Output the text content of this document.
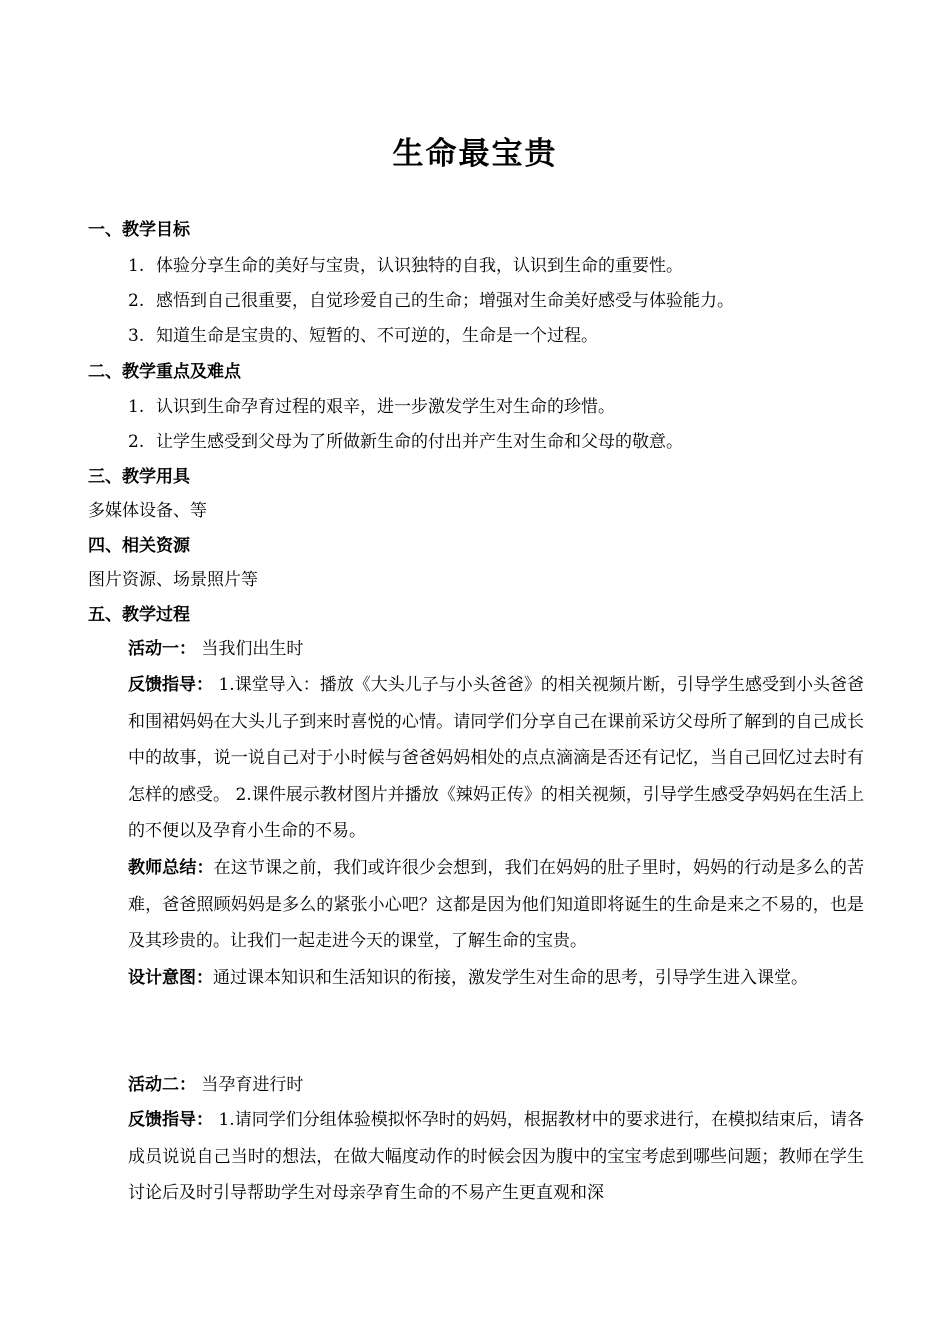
生命最宝贵
一、教学目标
1. 体验分享生命的美好与宝贵，认识独特的自我，认识到生命的重要性。
2. 感悟到自己很重要，自觉珍爱自己的生命；增强对生命美好感受与体验能力。
3. 知道生命是宝贵的、短暂的、不可逆的，生命是一个过程。
二、教学重点及难点
1. 认识到生命孕育过程的艰辛，进一步激发学生对生命的珍惜。
2. 让学生感受到父母为了所做新生命的付出并产生对生命和父母的敬意。
三、教学用具
多媒体设备、等
四、相关资源
图片资源、场景照片等
五、教学过程
活动一： 当我们出生时
反馈指导： 1.课堂导入：播放《大头儿子与小头爸爸》的相关视频片断，引导学生感受到小头爸爸和围裙妈妈在大头儿子到来时喜悦的心情。请同学们分享自己在课前采访父母所了解到的自己成长中的故事，说一说自己对于小时候与爸爸妈妈相处的点点滴滴是否还有记忆，当自己回忆过去时有怎样的感受。 2.课件展示教材图片并播放《辣妈正传》的相关视频，引导学生感受孕妈妈在生活上的不便以及孕育小生命的不易。
教师总结：在这节课之前，我们或许很少会想到，我们在妈妈的肚子里时，妈妈的行动是多么的苦难，爸爸照顾妈妈是多么的紧张小心吧？这都是因为他们知道即将诞生的生命是来之不易的，也是及其珍贵的。让我们一起走进今天的课堂，了解生命的宝贵。
设计意图：通过课本知识和生活知识的衔接，激发学生对生命的思考，引导学生进入课堂。
活动二： 当孕育进行时
反馈指导： 1.请同学们分组体验模拟怀孕时的妈妈，根据教材中的要求进行，在模拟结束后，请各成员说说自己当时的想法，在做大幅度动作的时候会因为腹中的宝宝考虑到哪些问题；教师在学生讨论后及时引导帮助学生对母亲孕育生命的不易产生更直观和深
